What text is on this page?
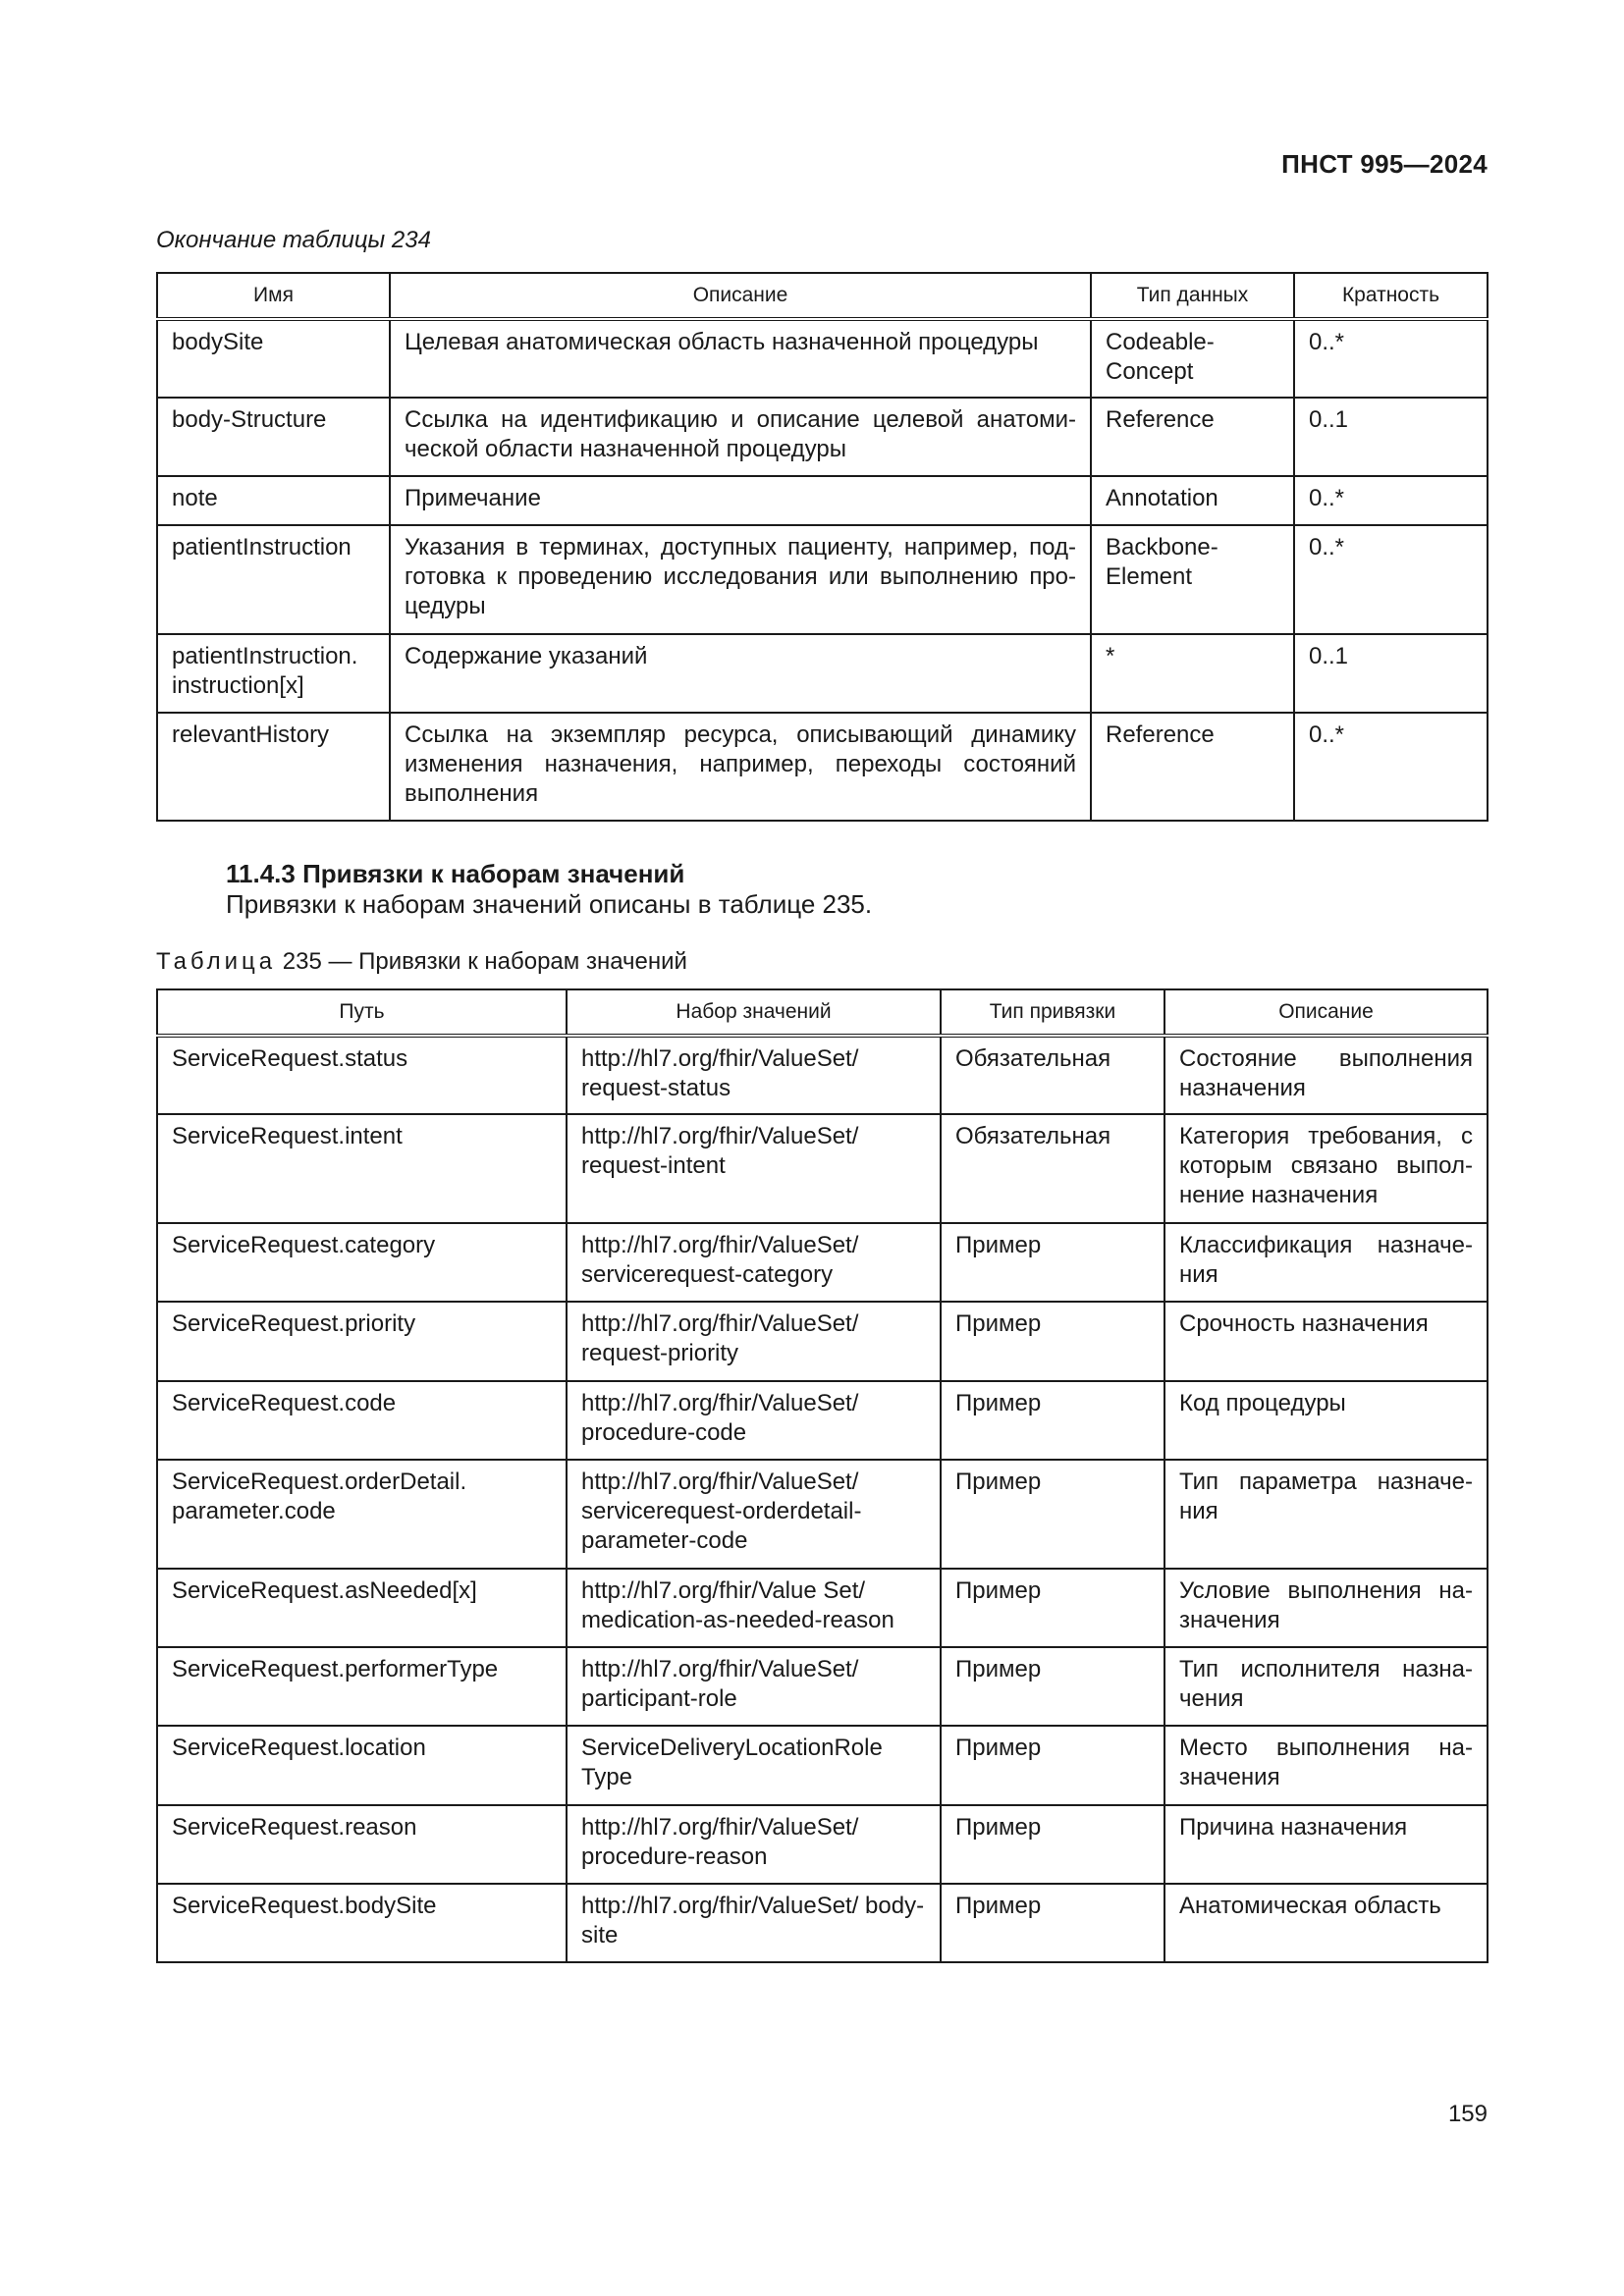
ПНСТ 995—2024
Окончание таблицы 234
Имя	Описание	Тип данных	Кратность
bodySite	Целевая анатомическая область назначенной процедуры	Codeable-Concept	0..*
body-Structure	Ссылка на идентификацию и описание целевой анатоми-ческой области назначенной процедуры	Reference	0..1
note	Примечание	Annotation	0..*
patientInstruction	Указания в терминах, доступных пациенту, например, под-готовка к проведению исследования или выполнению про-цедуры	Backbone-Element	0..*
patientInstruction. instruction[x]	Содержание указаний	*	0..1
relevantHistory	Ссылка на экземпляр ресурса, описывающий динамику изменения назначения, например, переходы состояний выполнения	Reference	0..*
11.4.3 Привязки к наборам значений
Привязки к наборам значений описаны в таблице 235.
Таблица 235 — Привязки к наборам значений
Путь	Набор значений	Тип привязки	Описание
ServiceRequest.status	http://hl7.org/fhir/ValueSet/ request-status	Обязательная	Состояние выполнения назначения
ServiceRequest.intent	http://hl7.org/fhir/ValueSet/ request-intent	Обязательная	Категория требования, с которым связано выпол-нение назначения
ServiceRequest.category	http://hl7.org/fhir/ValueSet/ servicerequest-category	Пример	Классификация назначе-ния
ServiceRequest.priority	http://hl7.org/fhir/ValueSet/ request-priority	Пример	Срочность назначения
ServiceRequest.code	http://hl7.org/fhir/ValueSet/ procedure-code	Пример	Код процедуры
ServiceRequest.orderDetail. parameter.code	http://hl7.org/fhir/ValueSet/ servicerequest-orderdetail-parameter-code	Пример	Тип параметра назначе-ния
ServiceRequest.asNeeded[x]	http://hl7.org/fhir/Value Set/ medication-as-needed-reason	Пример	Условие выполнения на-значения
ServiceRequest.performerType	http://hl7.org/fhir/ValueSet/ participant-role	Пример	Тип исполнителя назна-чения
ServiceRequest.location	ServiceDeliveryLocationRole Type	Пример	Место выполнения на-значения
ServiceRequest.reason	http://hl7.org/fhir/ValueSet/ procedure-reason	Пример	Причина назначения
ServiceRequest.bodySite	http://hl7.org/fhir/ValueSet/ body-site	Пример	Анатомическая область
159
